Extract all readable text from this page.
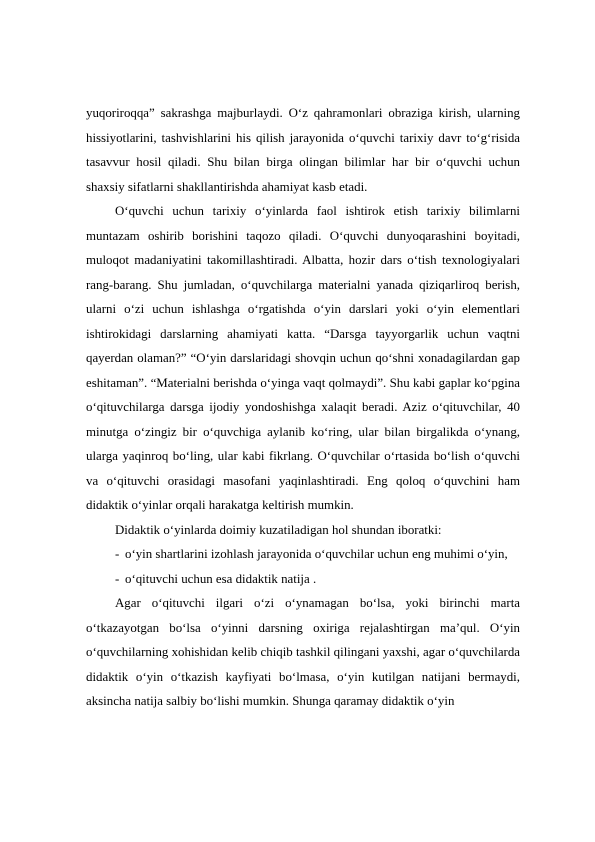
yuqoriroqqa” sakrashga majburlaydi. O‘z qahramonlari obraziga kirish, ularning hissiyotlarini, tashvishlarini his qilish jarayonida o‘quvchi tarixiy davr to‘g‘risida tasavvur hosil qiladi. Shu bilan birga olingan bilimlar har bir o‘quvchi uchun shaxsiy sifatlarni shakllantirishda ahamiyat kasb etadi.

O‘quvchi uchun tarixiy o‘yinlarda faol ishtirok etish tarixiy bilimlarni muntazam oshirib borishini taqozo qiladi. O‘quvchi dunyoqarashini boyitadi, muloqot madaniyatini takomillashtiradi. Albatta, hozir dars o‘tish texnologiyalari rang-barang. Shu jumladan, o‘quvchilarga materialni yanada qiziqarliroq berish, ularni o‘zi uchun ishlashga o‘rgatishda o‘yin darslari yoki o‘yin elementlari ishtirokidagi darslarning ahamiyati katta. “Darsga tayyorgarlik uchun vaqtni qayerdan olaman?” “O‘yin darslaridagi shovqin uchun qo‘shni xonadagilardan gap eshitaman”. “Materialni berishda o‘yinga vaqt qolmaydi”. Shu kabi gaplar ko‘pgina o‘qituvchilarga darsga ijodiy yondoshishga xalaqit beradi. Aziz o‘qituvchilar, 40 minutga o‘zingiz bir o‘quvchiga aylanib ko‘ring, ular bilan birgalikda o‘ynang, ularga yaqinroq bo‘ling, ular kabi fikrlang. O‘quvchilar o‘rtasida bo‘lish o‘quvchi va o‘qituvchi orasidagi masofani yaqinlashtiradi. Eng qoloq o‘quvchini ham didaktik o‘yinlar orqali harakatga keltirish mumkin.

Didaktik o‘yinlarda doimiy kuzatiladigan hol shundan iboratki:

- o‘yin shartlarini izohlash jarayonida o‘quvchilar uchun eng muhimi o‘yin,

- o‘qituvchi uchun esa didaktik natija .

Agar o‘qituvchi ilgari o‘zi o‘ynamagan bo‘lsa, yoki birinchi marta o‘tkazayotgan bo‘lsa o‘yinni darsning oxiriga rejalashtirgan ma’qul. O‘yin o‘quvchilarning xohishidan kelib chiqib tashkil qilingani yaxshi, agar o‘quvchilarda didaktik o‘yin o‘tkazish kayfiyati bo‘lmasa, o‘yin kutilgan natijani bermaydi, aksincha natija salbiy bo‘lishi mumkin. Shunga qaramay didaktik o‘yin
